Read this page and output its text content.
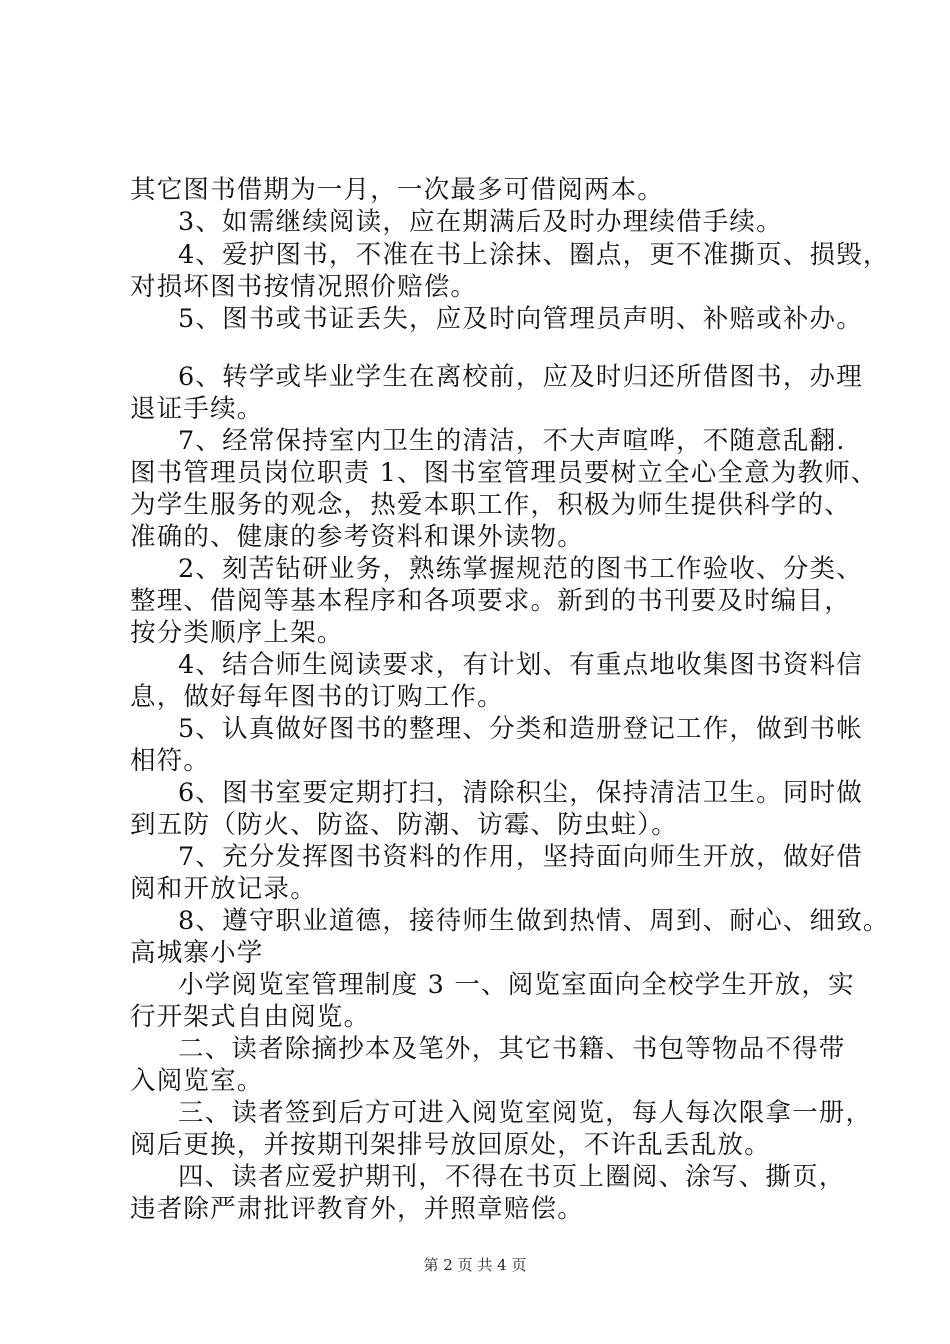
其它图书借期为一月，一次最多可借阅两本。
3、如需继续阅读，应在期满后及时办理续借手续。
4、爱护图书，不准在书上涂抹、圈点，更不准撕页、损毁，
对损坏图书按情况照价赔偿。
5、图书或书证丢失，应及时向管理员声明、补赔或补办。
6、转学或毕业学生在离校前，应及时归还所借图书，办理
退证手续。
7、经常保持室内卫生的清洁，不大声喧哗，不随意乱翻.
图书管理员岗位职责 1、图书室管理员要树立全心全意为教师、
为学生服务的观念，热爱本职工作，积极为师生提供科学的、
准确的、健康的参考资料和课外读物。
2、刻苦钻研业务，熟练掌握规范的图书工作验收、分类、
整理、借阅等基本程序和各项要求。新到的书刊要及时编目，
按分类顺序上架。
4、结合师生阅读要求，有计划、有重点地收集图书资料信
息，做好每年图书的订购工作。
5、认真做好图书的整理、分类和造册登记工作，做到书帐
相符。
6、图书室要定期打扫，清除积尘，保持清洁卫生。同时做
到五防（防火、防盗、防潮、访霉、防虫蛀）。
7、充分发挥图书资料的作用，坚持面向师生开放，做好借
阅和开放记录。
8、遵守职业道德，接待师生做到热情、周到、耐心、细致。
高城寨小学
小学阅览室管理制度 3 一、阅览室面向全校学生开放，实
行开架式自由阅览。
二、读者除摘抄本及笔外，其它书籍、书包等物品不得带
入阅览室。
三、读者签到后方可进入阅览室阅览，每人每次限拿一册，
阅后更换，并按期刊架排号放回原处，不许乱丢乱放。
四、读者应爱护期刊，不得在书页上圈阅、涂写、撕页，
违者除严肃批评教育外，并照章赔偿。
第 2 页 共 4 页
